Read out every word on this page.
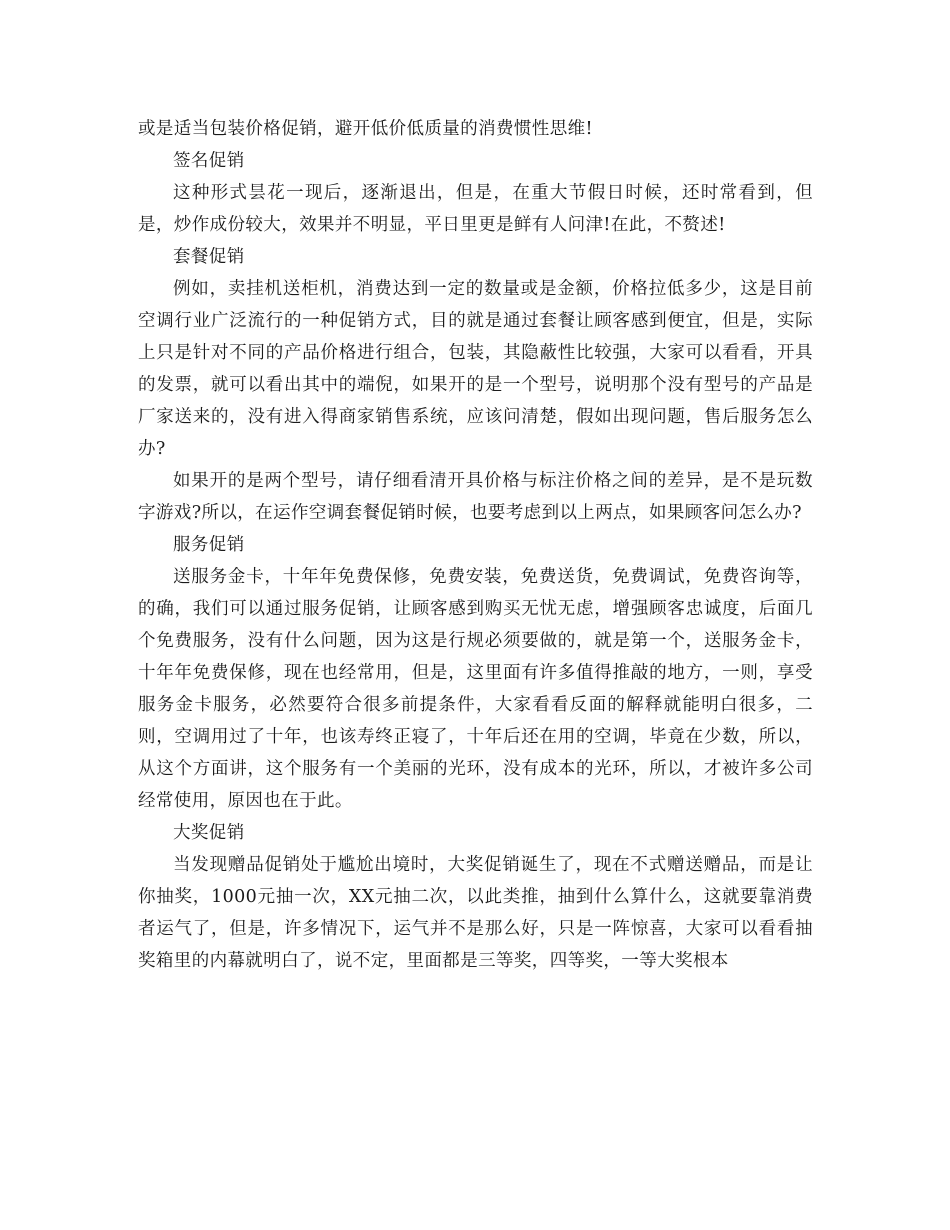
或是适当包装价格促销，避开低价低质量的消费惯性思维!

签名促销

这种形式昙花一现后，逐渐退出，但是，在重大节假日时候，还时常看到，但是，炒作成份较大，效果并不明显，平日里更是鲜有人问津!在此，不赘述!

套餐促销

例如，卖挂机送柜机，消费达到一定的数量或是金额，价格拉低多少，这是目前空调行业广泛流行的一种促销方式，目的就是通过套餐让顾客感到便宜，但是，实际上只是针对不同的产品价格进行组合，包装，其隐蔽性比较强，大家可以看看，开具的发票，就可以看出其中的端倪，如果开的是一个型号，说明那个没有型号的产品是厂家送来的，没有进入得商家销售系统，应该问清楚，假如出现问题，售后服务怎么办?

如果开的是两个型号，请仔细看清开具价格与标注价格之间的差异，是不是玩数字游戏?所以，在运作空调套餐促销时候，也要考虑到以上两点，如果顾客问怎么办?

服务促销

送服务金卡，十年年免费保修，免费安装，免费送货，免费调试，免费咨询等，的确，我们可以通过服务促销，让顾客感到购买无忧无虑，增强顾客忠诚度，后面几个免费服务，没有什么问题，因为这是行规必须要做的，就是第一个，送服务金卡，十年年免费保修，现在也经常用，但是，这里面有许多值得推敲的地方，一则，享受服务金卡服务，必然要符合很多前提条件，大家看看反面的解释就能明白很多，二则，空调用过了十年，也该寿终正寝了，十年后还在用的空调，毕竟在少数，所以，从这个方面讲，这个服务有一个美丽的光环，没有成本的光环，所以，才被许多公司经常使用，原因也在于此。

大奖促销

当发现赠品促销处于尴尬出境时，大奖促销诞生了，现在不式赠送赠品，而是让你抽奖，1000元抽一次，XX元抽二次，以此类推，抽到什么算什么，这就要靠消费者运气了，但是，许多情况下，运气并不是那么好，只是一阵惊喜，大家可以看看抽奖箱里的内幕就明白了，说不定，里面都是三等奖，四等奖，一等大奖根本
